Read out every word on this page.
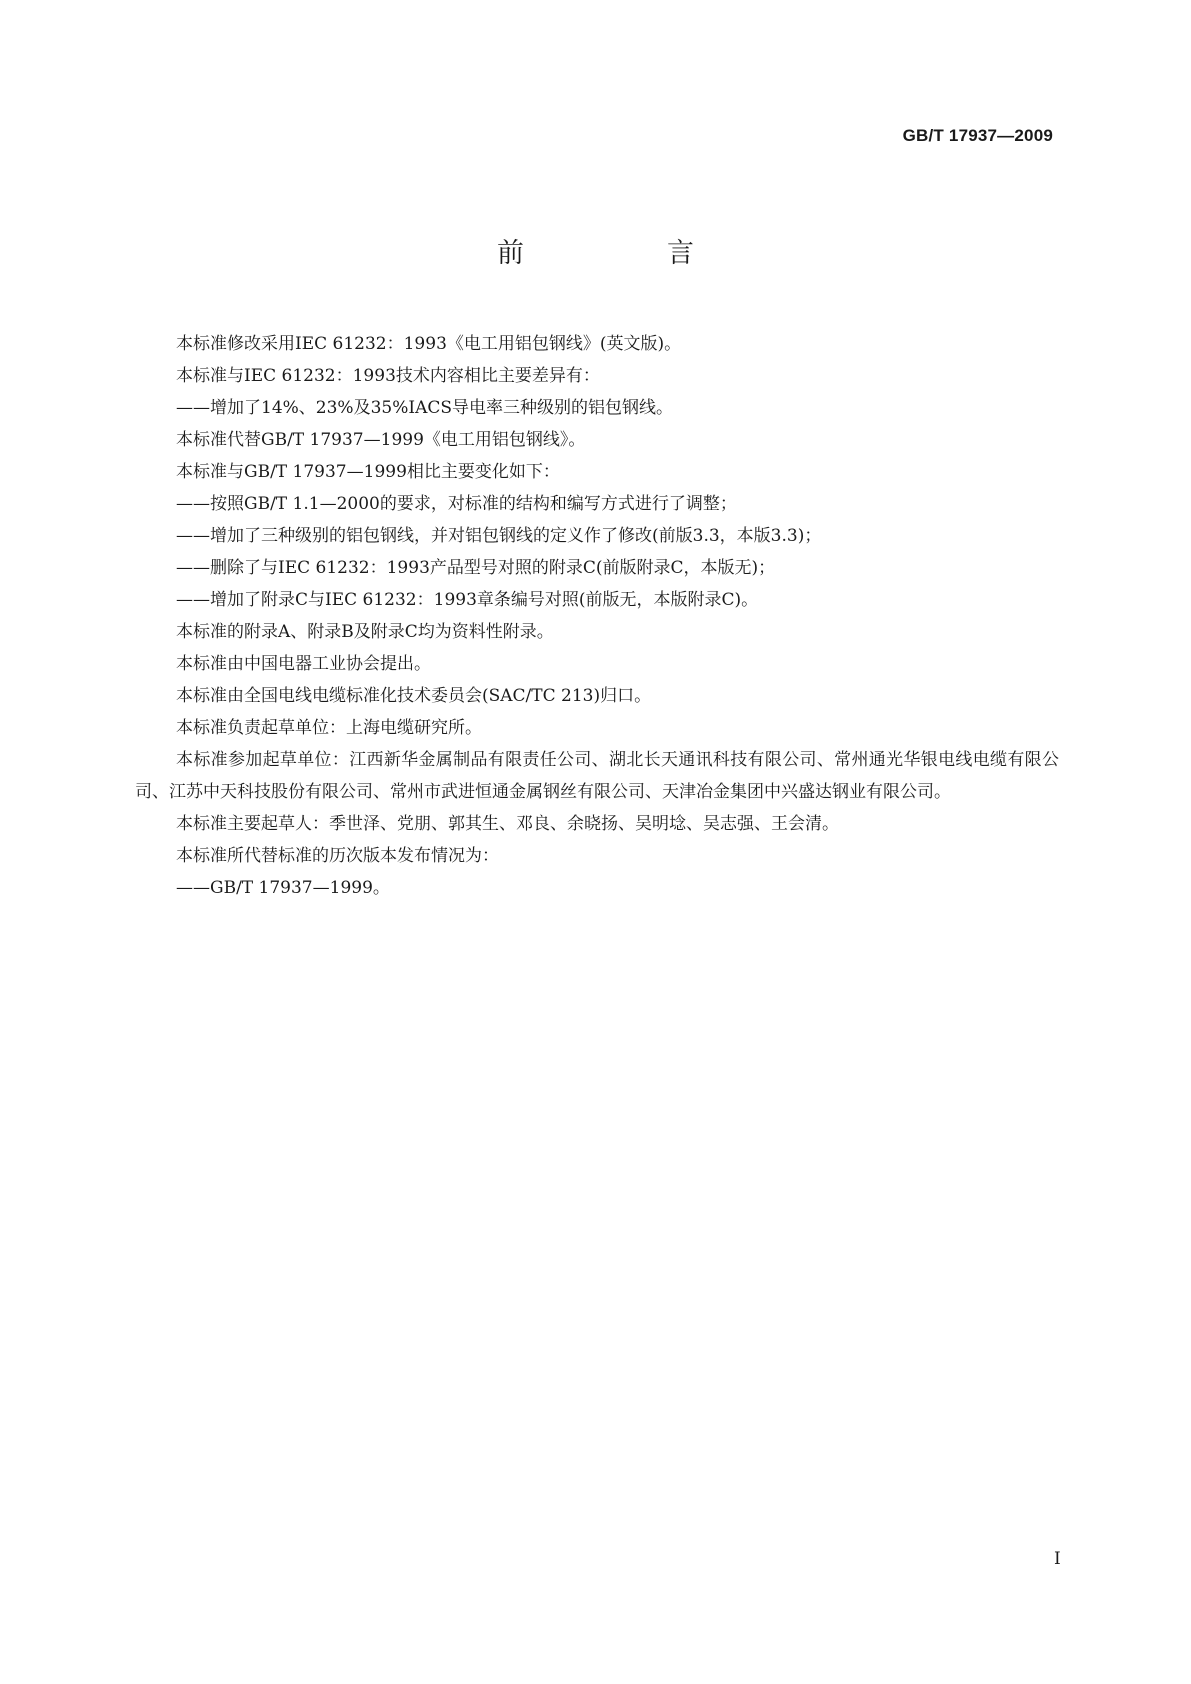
GB/T 17937—2009
前　言

本标准修改采用IEC 61232：1993《电工用铝包钢线》(英文版)。

本标准与IEC 61232：1993技术内容相比主要差异有：

——增加了14%、23%及35%IACS导电率三种级别的铝包钢线。

本标准代替GB/T 17937—1999《电工用铝包钢线》。

本标准与GB/T 17937—1999相比主要变化如下：

——按照GB/T 1.1—2000的要求，对标准的结构和编写方式进行了调整；

——增加了三种级别的铝包钢线，并对铝包钢线的定义作了修改(前版3.3，本版3.3)；

——删除了与IEC 61232：1993产品型号对照的附录C(前版附录C，本版无)；

——增加了附录C与IEC 61232：1993章条编号对照(前版无，本版附录C)。

本标准的附录A、附录B及附录C均为资料性附录。

本标准由中国电器工业协会提出。

本标准由全国电线电缆标准化技术委员会(SAC/TC 213)归口。

本标准负责起草单位：上海电缆研究所。

本标准参加起草单位：江西新华金属制品有限责任公司、湖北长天通讯科技有限公司、常州通光华银电线电缆有限公司、江苏中天科技股份有限公司、常州市武进恒通金属钢丝有限公司、天津冶金集团中兴盛达钢业有限公司。

本标准主要起草人：季世泽、党朋、郭其生、邓良、余晓扬、吴明埝、吴志强、王会清。

本标准所代替标准的历次版本发布情况为：

——GB/T 17937—1999。

I
